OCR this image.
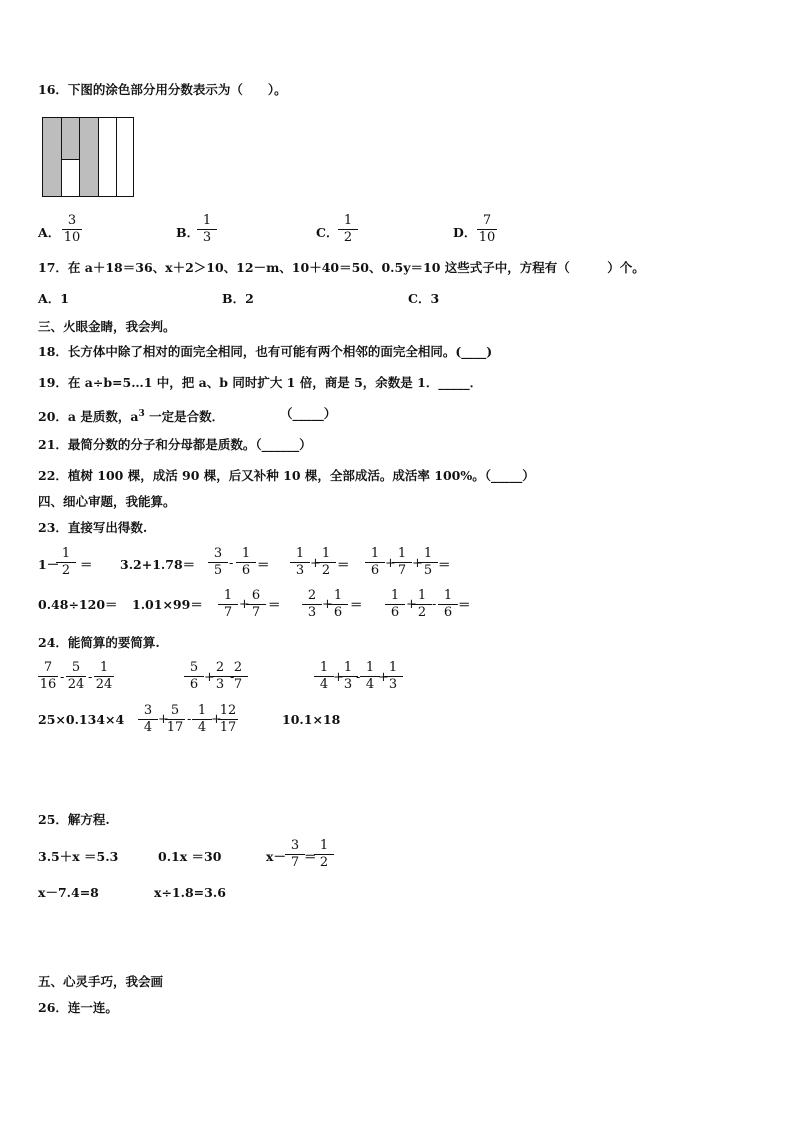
16．下图的涂色部分用分数表示为（　　）。
A． $\frac{3}{10}$	B．
$\frac{1}{3}$	C．
$\frac{1}{2}$	D．
$\frac{7}{10}$
17．在 a＋18＝36、x＋2＞10、12－m、10＋40＝50、0.5y＝10 这些式子中，方程有（　　　）个。
A．1	B．2	C．3
三、火眼金睛，我会判。
18．长方体中除了相对的面完全相同，也有可能有两个相邻的面完全相同。(____)
19．在 a÷b=5…1 中，把 a、b 同时扩大 1 倍，商是 5，余数是 1．_____．
20．a 是质数，$a^3$ 一定是合数．	（_____）
21．最简分数的分子和分母都是质数。（______）
22．植树 100 棵，成活 90 棵，后又补种 10 棵，全部成活。成活率 100%。（_____）
四、细心审题，我能算。
23．直接写出得数.
1－
$\frac{1}{2} = 3.2+1.78= \frac{3}{5} - \frac{1}{6} = \frac{1}{3}$
+
$\frac{1}{2} = \frac{1}{6}$
+
$\frac{1}{7}$
+
$\frac{1}{5}$
＝
$0.48\div 120= 1.01\times 99= \frac{1}{7}$ +
$\frac{6}{7} = \frac{2}{3}$
+
$\frac{1}{6} = \frac{1}{6}$ +
$\frac{1}{2}$
- $\frac{1}{6}$
＝
24．能简算的要简算.
$\frac{7}{16} - \frac{5}{24} - \frac{1}{24}$	$\frac{5}{6}$
+
$\frac{2}{3}$
-
$\frac{2}{7}$	$\frac{1}{4}$
+
$\frac{1}{3}$
-
$\frac{1}{4}$
+
$\frac{1}{3}$
$25\times 0.134\times 4 \frac{3}{4}$
+
$\frac{5}{17}$ -
$\frac{1}{4}$
+
$\frac{12}{17}$	10.1×18
25．解方程.
3.5＋x ＝5.3	0.1x ＝30	x－
$\frac{3}{7}$
＝
$\frac{1}{2}$
x－7.4=8	x÷1.8=3.6
五、心灵手巧，我会画
26．连一连。
